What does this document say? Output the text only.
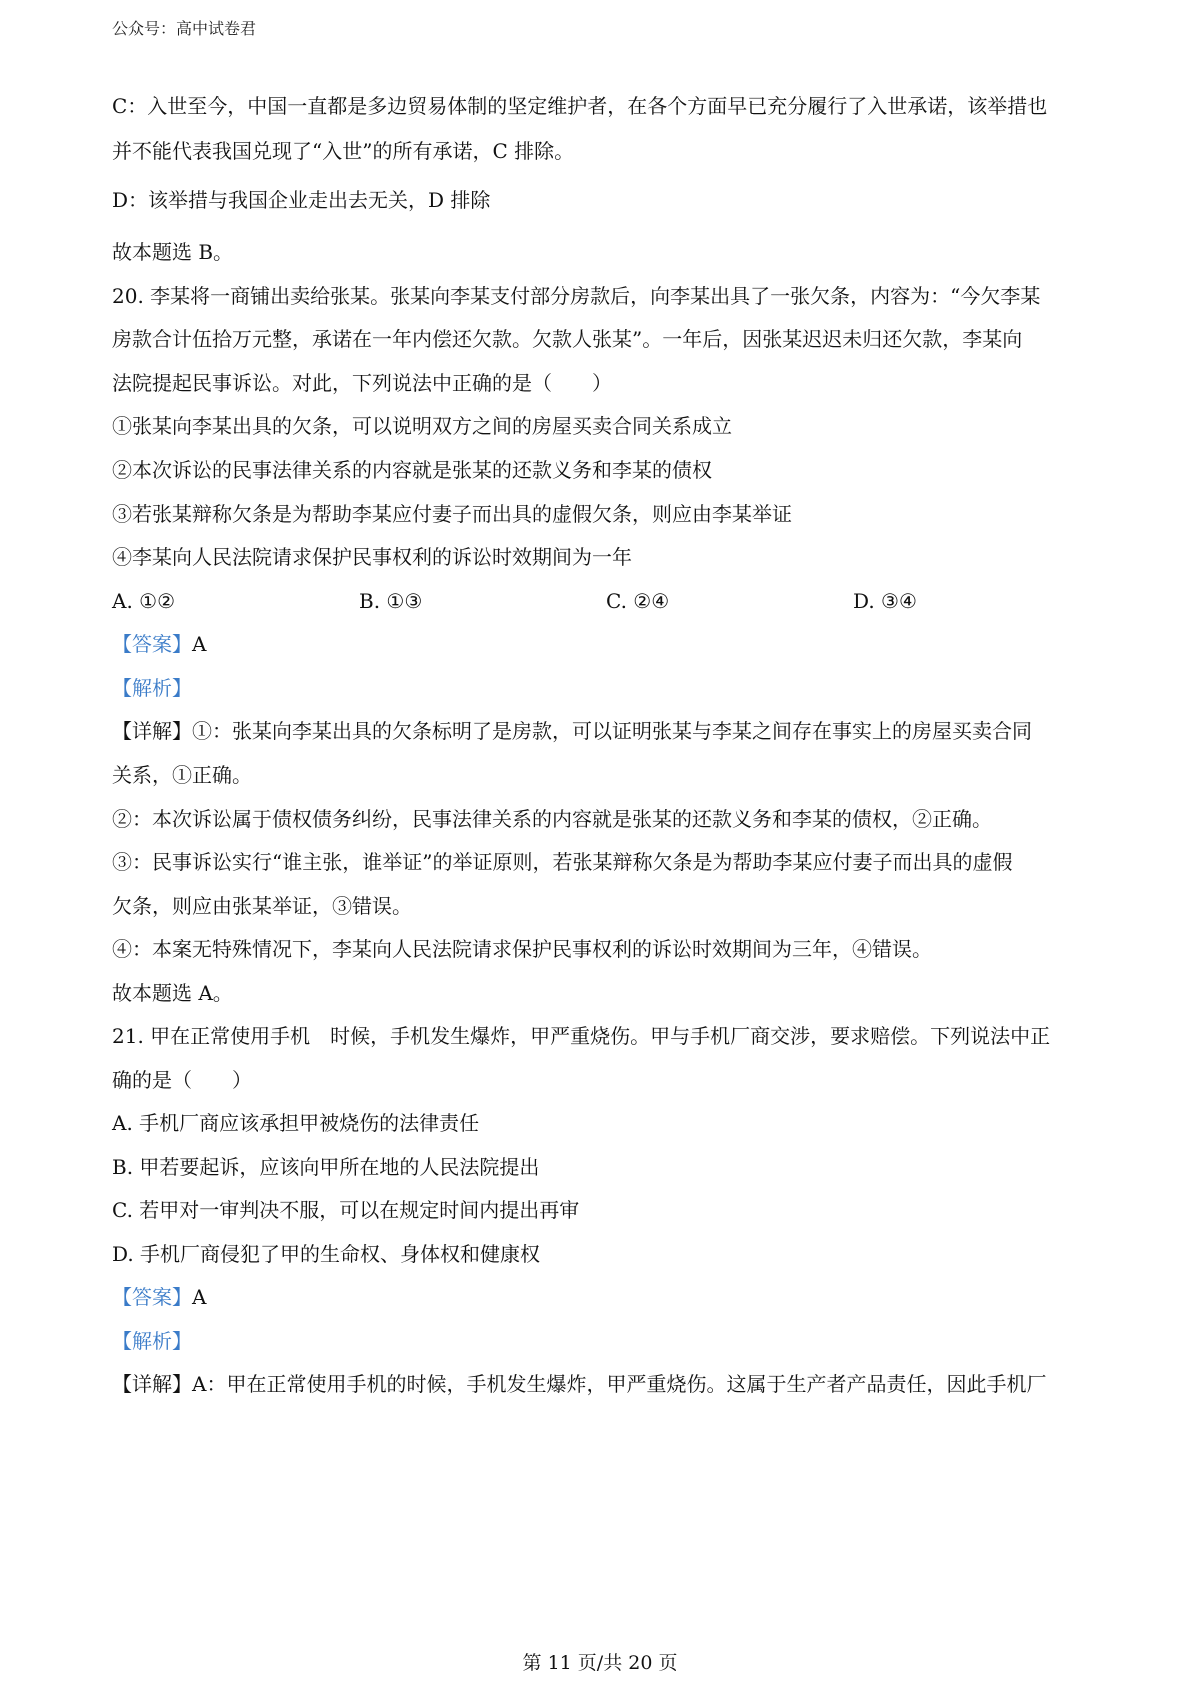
公众号：高中试卷君
C：入世至今，中国一直都是多边贸易体制的坚定维护者，在各个方面早已充分履行了入世承诺，该举措也
并不能代表我国兑现了“入世”的所有承诺，C 排除。
D：该举措与我国企业走出去无关，D 排除
故本题选 B。
20. 李某将一商铺出卖给张某。张某向李某支付部分房款后，向李某出具了一张欠条，内容为：“今欠李某
房款合计伍拾万元整，承诺在一年内偿还欠款。欠款人张某”。一年后，因张某迟迟未归还欠款，李某向
法院提起民事诉讼。对此，下列说法中正确的是（　　）
①张某向李某出具的欠条，可以说明双方之间的房屋买卖合同关系成立
②本次诉讼的民事法律关系的内容就是张某的还款义务和李某的债权
③若张某辩称欠条是为帮助李某应付妻子而出具的虚假欠条，则应由李某举证
④李某向人民法院请求保护民事权利的诉讼时效期间为一年
A. ①②	B. ①③	C. ②④	D. ③④
【答案】A
【解析】
【详解】①：张某向李某出具的欠条标明了是房款，可以证明张某与李某之间存在事实上的房屋买卖合同
关系，①正确。
②：本次诉讼属于债权债务纠纷，民事法律关系的内容就是张某的还款义务和李某的债权，②正确。
③：民事诉讼实行“谁主张，谁举证”的举证原则，若张某辩称欠条是为帮助李某应付妻子而出具的虚假
欠条，则应由张某举证，③错误。
④：本案无特殊情况下，李某向人民法院请求保护民事权利的诉讼时效期间为三年，④错误。
故本题选 A。
21. 甲在正常使用手机　时候，手机发生爆炸，甲严重烧伤。甲与手机厂商交涉，要求赔偿。下列说法中正
确的是（　　）
A. 手机厂商应该承担甲被烧伤的法律责任
B. 甲若要起诉，应该向甲所在地的人民法院提出
C. 若甲对一审判决不服，可以在规定时间内提出再审
D. 手机厂商侵犯了甲的生命权、身体权和健康权
【答案】A
【解析】
【详解】A：甲在正常使用手机的时候，手机发生爆炸，甲严重烧伤。这属于生产者产品责任，因此手机厂
第 11 页/共 20 页
